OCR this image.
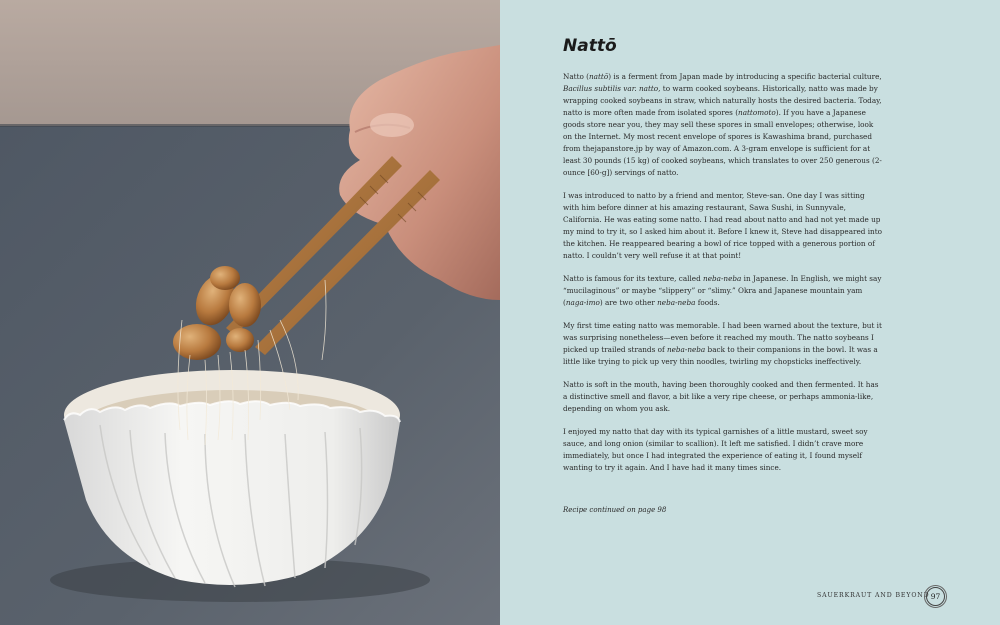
Nattō

Natto (nattō) is a ferment from Japan made by introducing a specific bacterial culture, Bacillus subtilis var. natto, to warm cooked soybeans. Historically, natto was made by wrapping cooked soybeans in straw, which naturally hosts the desired bacteria. Today, natto is more often made from isolated spores (nattomoto). If you have a Japanese goods store near you, they may sell these spores in small envelopes; otherwise, look on the Internet. My most recent envelope of spores is Kawashima brand, purchased from thejapanstore.jp by way of Amazon.com. A 3-gram envelope is sufficient for at least 30 pounds (15 kg) of cooked soybeans, which translates to over 250 generous (2-ounce [60-g]) servings of natto.

I was introduced to natto by a friend and mentor, Steve-san. One day I was sitting with him before dinner at his amazing restaurant, Sawa Sushi, in Sunnyvale, California. He was eating some natto. I had read about natto and had not yet made up my mind to try it, so I asked him about it. Before I knew it, Steve had disappeared into the kitchen. He reappeared bearing a bowl of rice topped with a generous portion of natto. I couldn’t very well refuse it at that point!

Natto is famous for its texture, called neba-neba in Japanese. In English, we might say “mucilaginous” or maybe “slippery” or “slimy.” Okra and Japanese mountain yam (naga-imo) are two other neba-neba foods.

My first time eating natto was memorable. I had been warned about the texture, but it was surprising nonetheless—even before it reached my mouth. The natto soybeans I picked up trailed strands of neba-neba back to their companions in the bowl. It was a little like trying to pick up very thin noodles, twirling my chopsticks ineffectively.

Natto is soft in the mouth, having been thoroughly cooked and then fermented. It has a distinctive smell and flavor, a bit like a very ripe cheese, or perhaps ammonia-like, depending on whom you ask.

I enjoyed my natto that day with its typical garnishes of a little mustard, sweet soy sauce, and long onion (similar to scallion). It left me satisfied. I didn’t crave more immediately, but once I had integrated the experience of eating it, I found myself wanting to try it again. And I have had it many times since.

Recipe continued on page 98
SAUERKRAUT AND BEYOND 97
